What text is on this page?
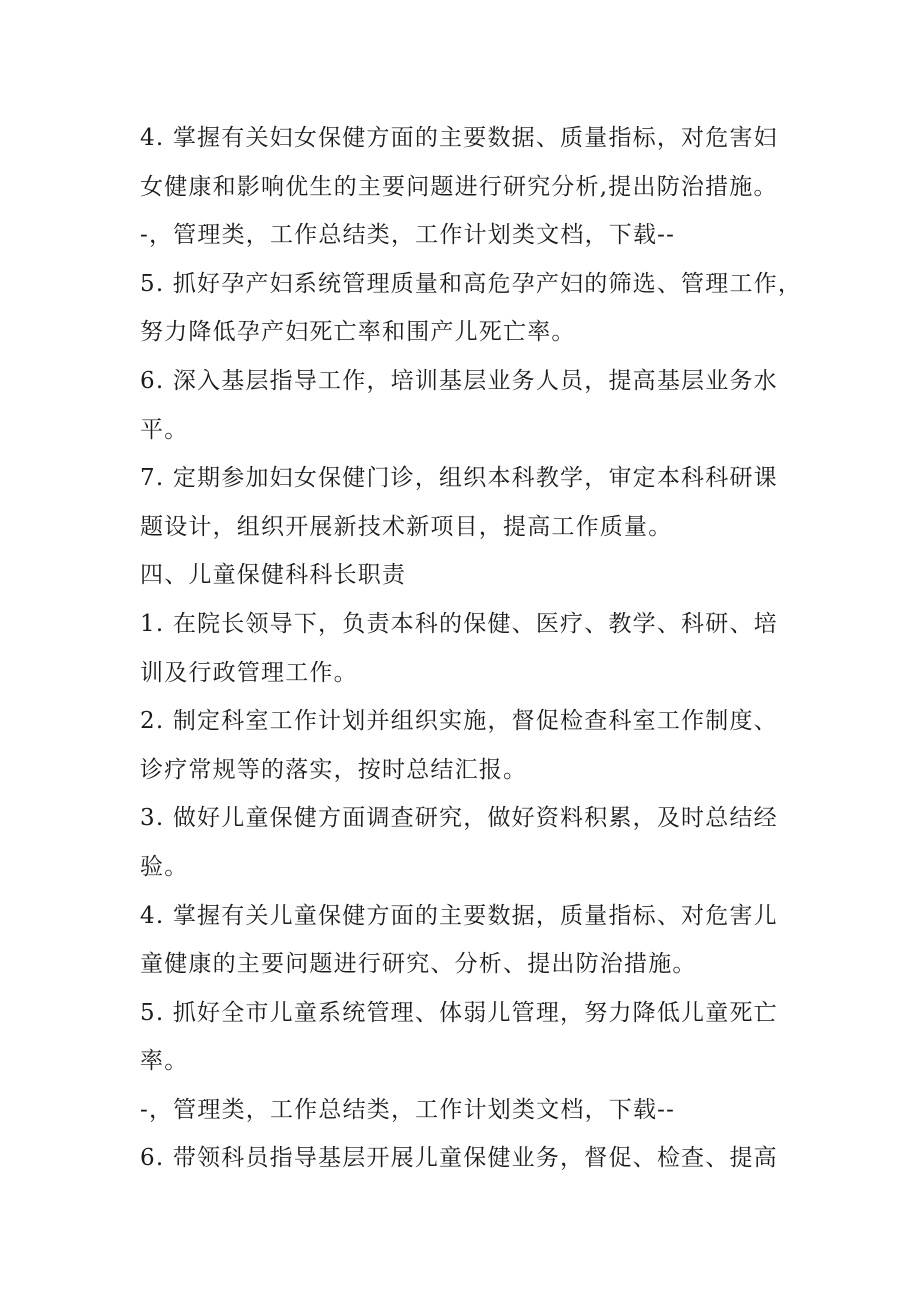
4. 掌握有关妇女保健方面的主要数据、质量指标，对危害妇
女健康和影响优生的主要问题进行研究分析,提出防治措施。
-，管理类，工作总结类，工作计划类文档，下载--
5. 抓好孕产妇系统管理质量和高危孕产妇的筛选、管理工作，
努力降低孕产妇死亡率和围产儿死亡率。
6. 深入基层指导工作，培训基层业务人员，提高基层业务水
平。
7. 定期参加妇女保健门诊，组织本科教学，审定本科科研课
题设计，组织开展新技术新项目，提高工作质量。
四、儿童保健科科长职责
1. 在院长领导下，负责本科的保健、医疗、教学、科研、培
训及行政管理工作。
2. 制定科室工作计划并组织实施，督促检查科室工作制度、
诊疗常规等的落实，按时总结汇报。
3. 做好儿童保健方面调查研究，做好资料积累，及时总结经
验。
4. 掌握有关儿童保健方面的主要数据，质量指标、对危害儿
童健康的主要问题进行研究、分析、提出防治措施。
5. 抓好全市儿童系统管理、体弱儿管理，努力降低儿童死亡
率。
-，管理类，工作总结类，工作计划类文档，下载--
6. 带领科员指导基层开展儿童保健业务，督促、检查、提高
